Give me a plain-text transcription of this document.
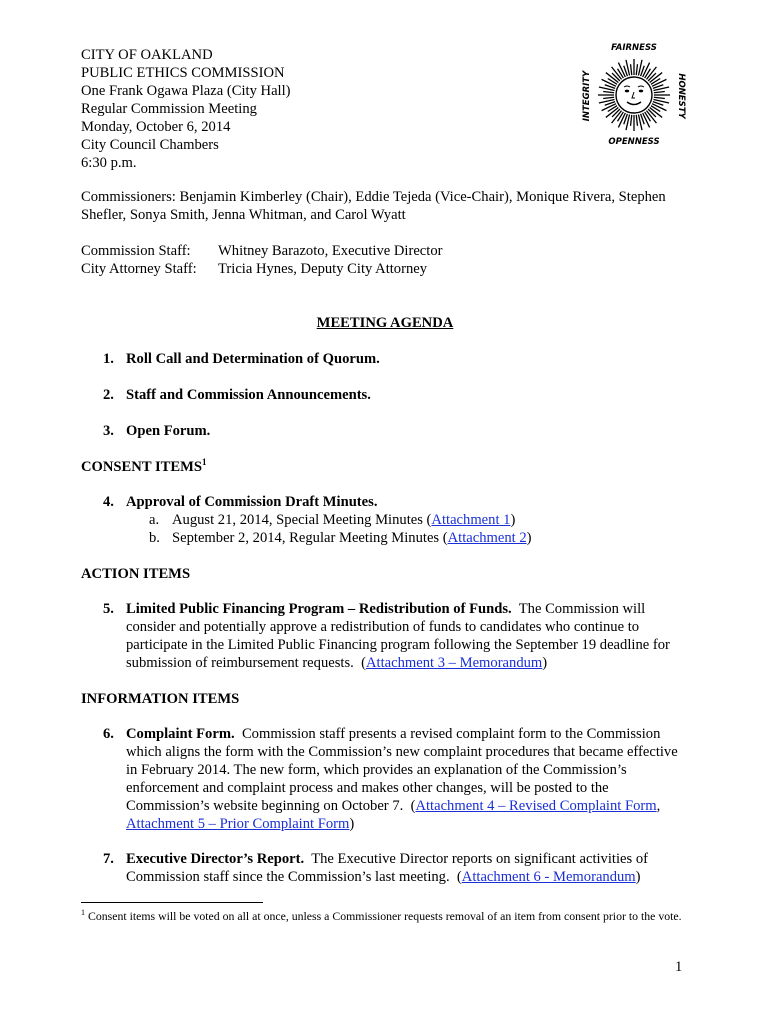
CITY OF OAKLAND
PUBLIC ETHICS COMMISSION
One Frank Ogawa Plaza (City Hall)
Regular Commission Meeting
Monday, October 6, 2014
City Council Chambers
6:30 p.m.
FAIRNESS
OPENNESS
INTEGRITY	HONESTY
Commissioners: Benjamin Kimberley (Chair), Eddie Tejeda (Vice-Chair), Monique Rivera, Stephen Shefler, Sonya Smith, Jenna Whitman, and Carol Wyatt
Commission Staff: Whitney Barazoto, Executive Director
City Attorney Staff: Tricia Hynes, Deputy City Attorney
MEETING AGENDA
1. Roll Call and Determination of Quorum.
2. Staff and Commission Announcements.
3. Open Forum.
CONSENT ITEMS$^1$
4. Approval of Commission Draft Minutes.
a. August 21, 2014, Special Meeting Minutes (Attachment 1)
b. September 2, 2014, Regular Meeting Minutes (Attachment 2)
ACTION ITEMS
5. Limited Public Financing Program – Redistribution of Funds. The Commission will consider and potentially approve a redistribution of funds to candidates who continue to participate in the Limited Public Financing program following the September 19 deadline for submission of reimbursement requests.  (Attachment 3 – Memorandum)
INFORMATION ITEMS
6. Complaint Form. Commission staff presents a revised complaint form to the Commission which aligns the form with the Commission’s new complaint procedures that became effective in February 2014. The new form, which provides an explanation of the Commission’s enforcement and complaint process and makes other changes, will be posted to the Commission’s website beginning on October 7.  (Attachment 4 – Revised Complaint Form, Attachment 5 – Prior Complaint Form)
7. Executive Director’s Report. The Executive Director reports on significant activities of Commission staff since the Commission’s last meeting.  (Attachment 6 - Memorandum)
$^1$ Consent items will be voted on all at once, unless a Commissioner requests removal of an item from consent prior to the vote.
1
